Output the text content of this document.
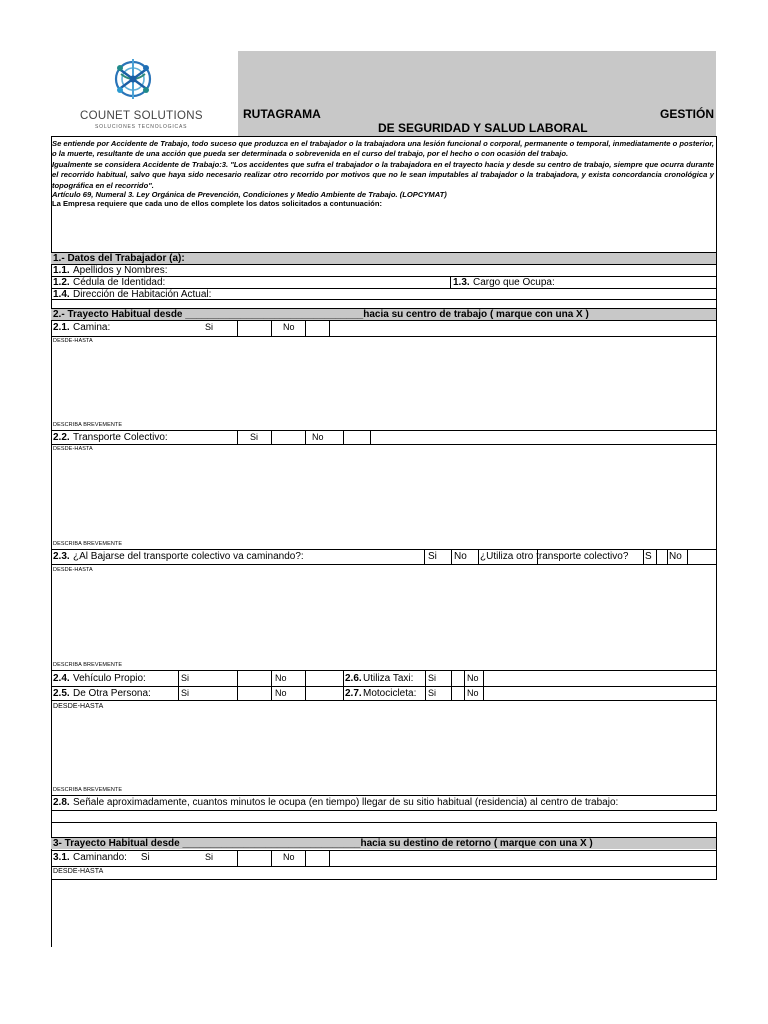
COUNET SOLUTIONS
SOLUCIONES TECNOLOGICAS
RUTAGRAMA	GESTIÓN
DE SEGURIDAD Y SALUD LABORAL

Se entiende por Accidente de Trabajo, todo suceso que produzca en el trabajador o la trabajadora una lesión funcional o corporal, permanente o temporal, inmediatamente o posterior, o la muerte, resultante de una acción que pueda ser determinada o sobrevenida en el curso del trabajo, por el hecho o con ocasión del trabajo.

Igualmente se considera Accidente de Trabajo:3. "Los accidentes que sufra el trabajador o la trabajadora en el trayecto hacia y desde su centro de trabajo, siempre que ocurra durante el recorrido habitual, salvo que haya sido necesario realizar otro recorrido por motivos que no le sean imputables al trabajador o la trabajadora, y exista concordancia cronológica y topográfica en el recorrido".

Artículo 69, Numeral 3. Ley Orgánica de Prevención, Condiciones y Medio Ambiente de Trabajo. (LOPCYMAT)

La Empresa requiere que cada uno de ellos complete los datos solicitados a contunuación:

1.- Datos del Trabajador (a):
1.1. Apellidos y Nombres:
1.2. Cédula de Identidad:	1.3. Cargo que Ocupa:
1.4. Dirección de Habitación Actual:
2.- Trayecto Habitual desde ________________________________hacia su centro de trabajo ( marque con una X )
2.1. Camina:	Si	No
DESDE-HASTA
DESCRIBA BREVEMENTE
2.2. Transporte Colectivo:	Si	No
DESDE-HASTA
DESCRIBA BREVEMENTE
2.3. ¿Al Bajarse del transporte colectivo va caminando?:	Si No ¿Utiliza otro transporte colectivo? S No
DESDE-HASTA
DESCRIBA BREVEMENTE
2.4. Vehículo Propio:	Si	No	2.6. Utiliza Taxi: Si	No
2.5. De Otra Persona:	Si	No	2.7. Motocicleta: Si	No
DESDE-HASTA
DESCRIBA BREVEMENTE
2.8. Señale aproximadamente, cuantos minutos le ocupa (en tiempo) llegar de su sitio habitual (residencia) al centro de trabajo:
3- Trayecto Habitual desde ________________________________hacia su destino de retorno ( marque con una X )
3.1. Caminando:     Si	Si	No
DESDE-HASTA
